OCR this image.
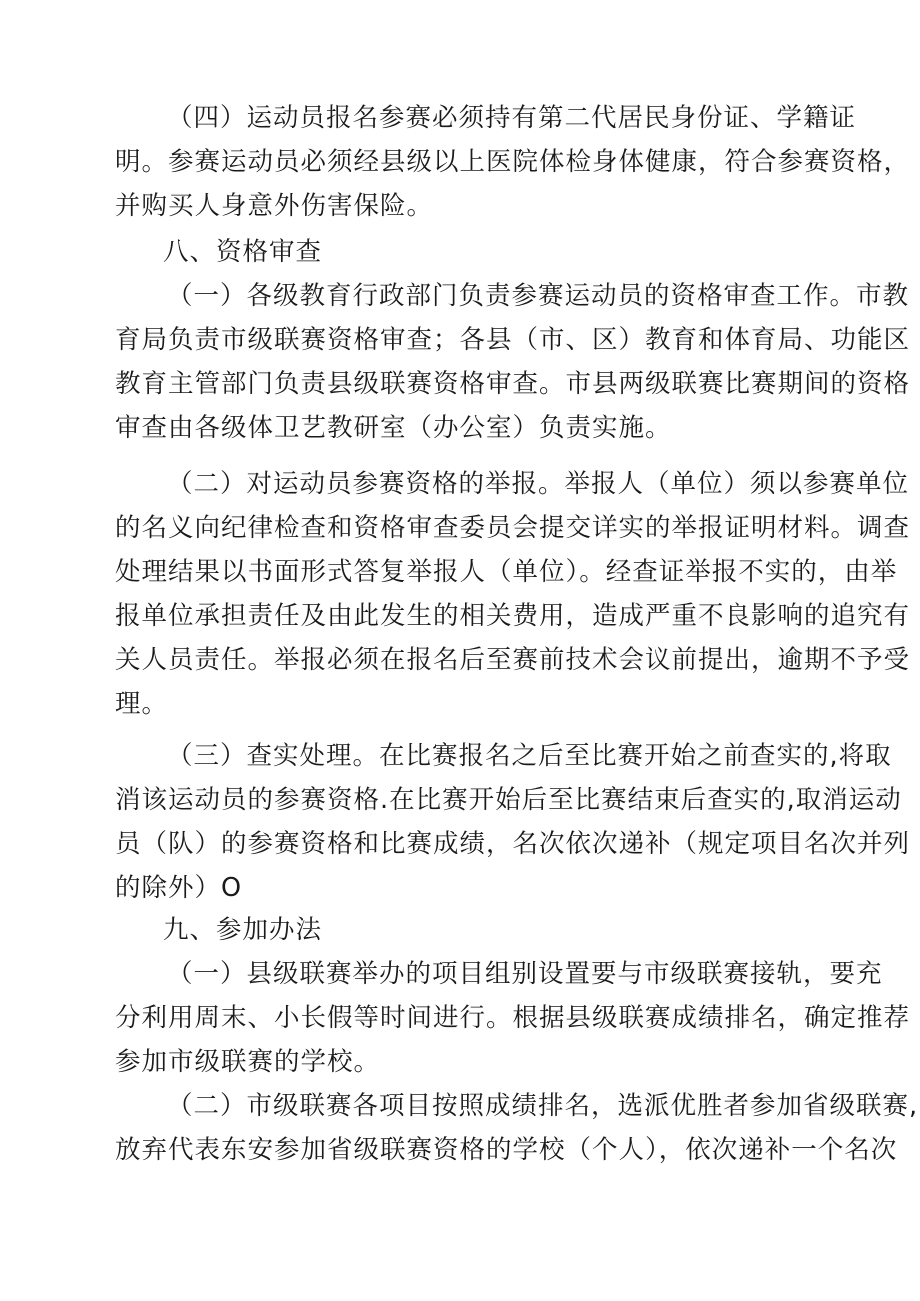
（四）运动员报名参赛必须持有第二代居民身份证、学籍证
明。参赛运动员必须经县级以上医院体检身体健康，符合参赛资格，
并购买人身意外伤害保险。

八、资格审查

（一）各级教育行政部门负责参赛运动员的资格审查工作。市教
育局负责市级联赛资格审查；各县（市、区）教育和体育局、功能区
教育主管部门负责县级联赛资格审查。市县两级联赛比赛期间的资格
审查由各级体卫艺教研室（办公室）负责实施。

（二）对运动员参赛资格的举报。举报人（单位）须以参赛单位
的名义向纪律检查和资格审查委员会提交详实的举报证明材料。调查
处理结果以书面形式答复举报人（单位）。经查证举报不实的，由举
报单位承担责任及由此发生的相关费用，造成严重不良影响的追究有
关人员责任。举报必须在报名后至赛前技术会议前提出，逾期不予受
理。

（三）查实处理。在比赛报名之后至比赛开始之前查实的,将取
消该运动员的参赛资格.在比赛开始后至比赛结束后查实的,取消运动
员（队）的参赛资格和比赛成绩，名次依次递补（规定项目名次并列
的除外）O

九、参加办法

（一）县级联赛举办的项目组别设置要与市级联赛接轨，要充
分利用周末、小长假等时间进行。根据县级联赛成绩排名，确定推荐
参加市级联赛的学校。

（二）市级联赛各项目按照成绩排名，选派优胜者参加省级联赛,
放弃代表东安参加省级联赛资格的学校（个人），依次递补一个名次
